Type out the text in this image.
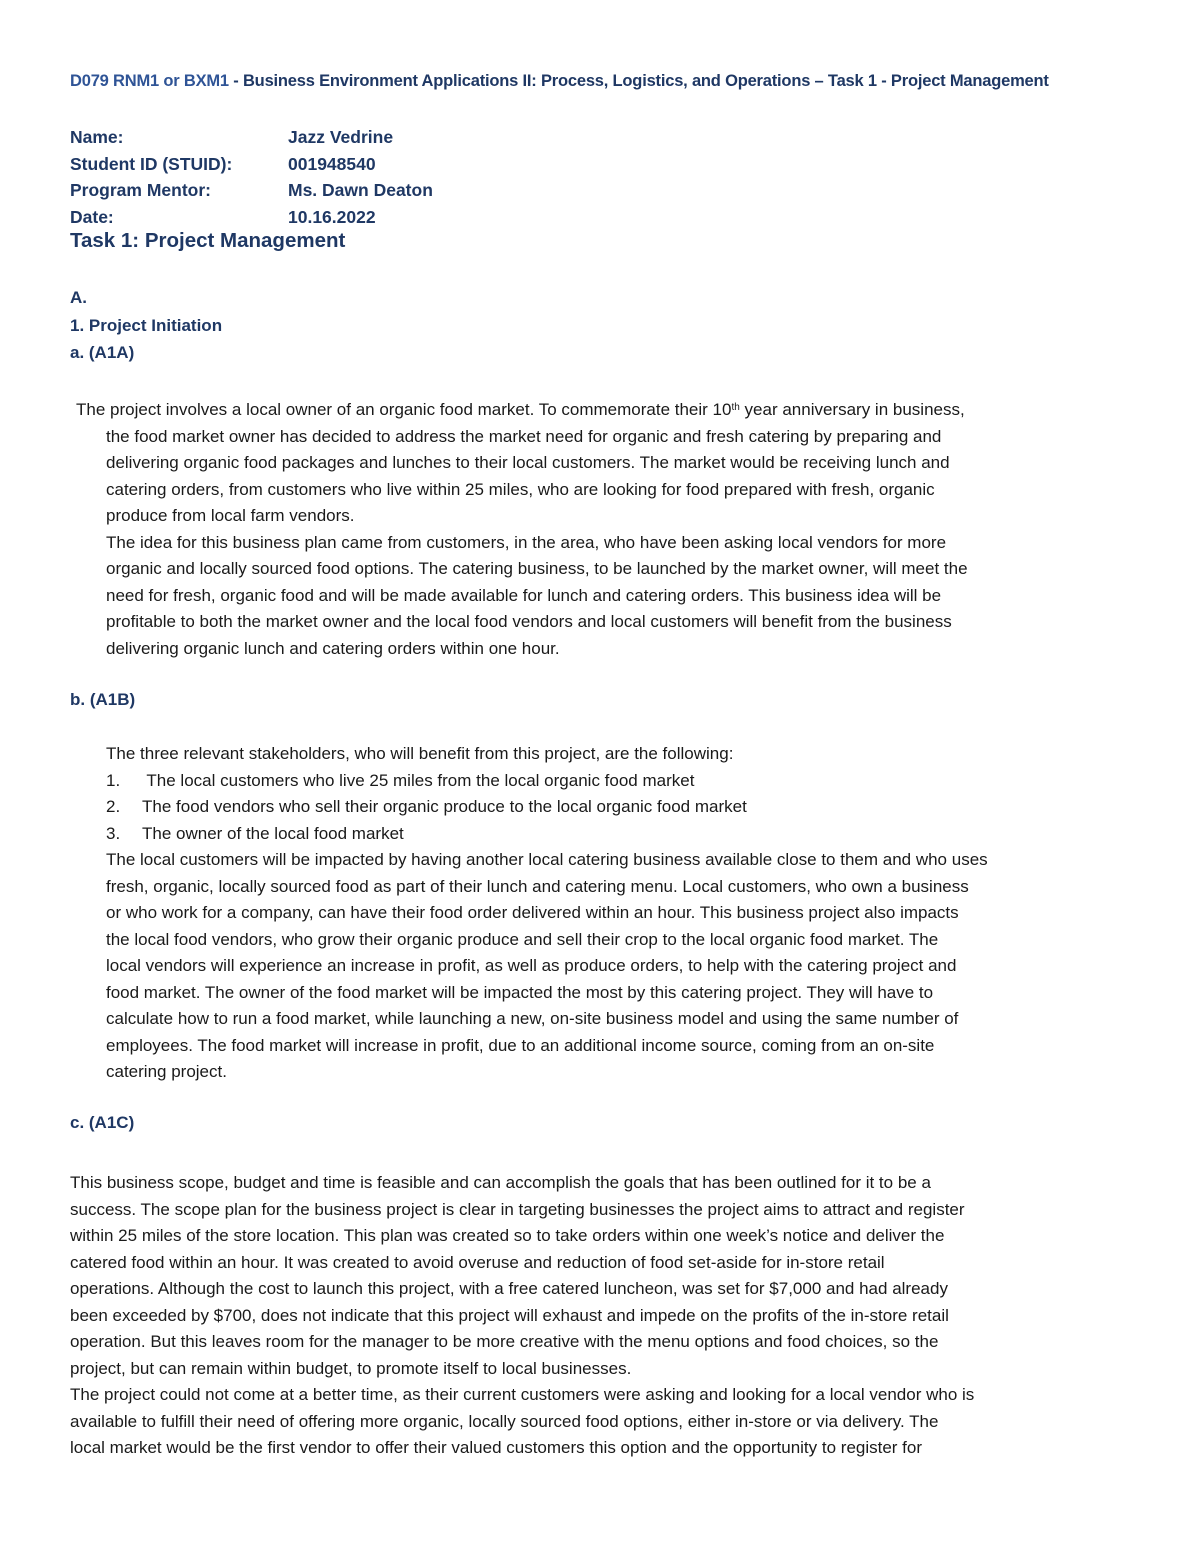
D079 RNM1 or BXM1 - Business Environment Applications II: Process, Logistics, and Operations – Task 1 - Project Management
Name:	Jazz Vedrine
Student ID (STUID):	001948540
Program Mentor:	Ms. Dawn Deaton
Date:	10.16.2022
Task 1: Project Management
A.
1. Project Initiation
a. (A1A)
The project involves a local owner of an organic food market. To commemorate their 10th year anniversary in business,
the food market owner has decided to address the market need for organic and fresh catering by preparing and
delivering organic food packages and lunches to their local customers. The market would be receiving lunch and
catering orders, from customers who live within 25 miles, who are looking for food prepared with fresh, organic
produce from local farm vendors.
The idea for this business plan came from customers, in the area, who have been asking local vendors for more
organic and locally sourced food options. The catering business, to be launched by the market owner, will meet the
need for fresh, organic food and will be made available for lunch and catering orders. This business idea will be
profitable to both the market owner and the local food vendors and local customers will benefit from the business
delivering organic lunch and catering orders within one hour.
b. (A1B)
The three relevant stakeholders, who will benefit from this project, are the following:
1. The local customers who live 25 miles from the local organic food market
2. The food vendors who sell their organic produce to the local organic food market
3. The owner of the local food market
The local customers will be impacted by having another local catering business available close to them and who uses
fresh, organic, locally sourced food as part of their lunch and catering menu. Local customers, who own a business
or who work for a company, can have their food order delivered within an hour. This business project also impacts
the local food vendors, who grow their organic produce and sell their crop to the local organic food market. The
local vendors will experience an increase in profit, as well as produce orders, to help with the catering project and
food market. The owner of the food market will be impacted the most by this catering project. They will have to
calculate how to run a food market, while launching a new, on-site business model and using the same number of
employees. The food market will increase in profit, due to an additional income source, coming from an on-site
catering project.
c. (A1C)
This business scope, budget and time is feasible and can accomplish the goals that has been outlined for it to be a
success. The scope plan for the business project is clear in targeting businesses the project aims to attract and register
within 25 miles of the store location. This plan was created so to take orders within one week’s notice and deliver the
catered food within an hour. It was created to avoid overuse and reduction of food set-aside for in-store retail
operations. Although the cost to launch this project, with a free catered luncheon, was set for $7,000 and had already
been exceeded by $700, does not indicate that this project will exhaust and impede on the profits of the in-store retail
operation. But this leaves room for the manager to be more creative with the menu options and food choices, so the
project, but can remain within budget, to promote itself to local businesses.
The project could not come at a better time, as their current customers were asking and looking for a local vendor who is
available to fulfill their need of offering more organic, locally sourced food options, either in-store or via delivery. The
local market would be the first vendor to offer their valued customers this option and the opportunity to register for
